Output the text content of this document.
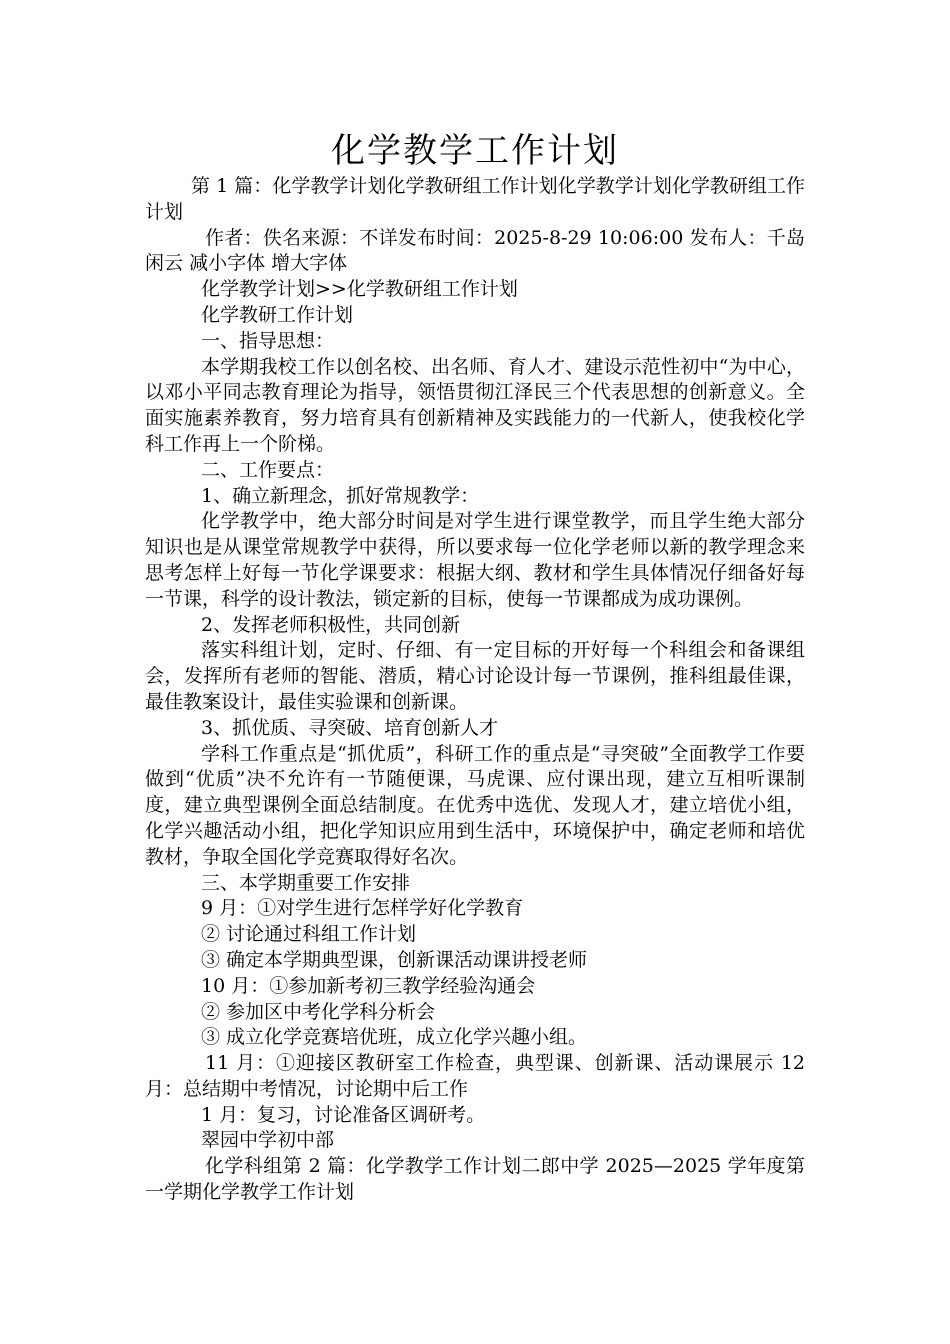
化学教学工作计划

第 1 篇：化学教学计划化学教研组工作计划化学教学计划化学教研组工作计划

作者：佚名来源：不详发布时间：2025-8-29 10:06:00 发布人：千岛闲云 减小字体 增大字体

化学教学计划>>化学教研组工作计划

化学教研工作计划

一、指导思想：

本学期我校工作以创名校、出名师、育人才、建设示范性初中“为中心，以邓小平同志教育理论为指导，领悟贯彻江泽民三个代表思想的创新意义。全面实施素养教育，努力培育具有创新精神及实践能力的一代新人，使我校化学科工作再上一个阶梯。

二、工作要点：

1、确立新理念，抓好常规教学：

化学教学中，绝大部分时间是对学生进行课堂教学，而且学生绝大部分知识也是从课堂常规教学中获得，所以要求每一位化学老师以新的教学理念来思考怎样上好每一节化学课要求：根据大纲、教材和学生具体情况仔细备好每一节课，科学的设计教法，锁定新的目标，使每一节课都成为成功课例。

2、发挥老师积极性，共同创新

落实科组计划，定时、仔细、有一定目标的开好每一个科组会和备课组会，发挥所有老师的智能、潜质，精心讨论设计每一节课例，推科组最佳课，最佳教案设计，最佳实验课和创新课。

3、抓优质、寻突破、培育创新人才

学科工作重点是“抓优质”，科研工作的重点是“寻突破”全面教学工作要做到“优质”决不允许有一节随便课，马虎课、应付课出现，建立互相听课制度，建立典型课例全面总结制度。在优秀中选优、发现人才，建立培优小组，化学兴趣活动小组，把化学知识应用到生活中，环境保护中，确定老师和培优教材，争取全国化学竞赛取得好名次。

三、本学期重要工作安排

9 月：①对学生进行怎样学好化学教育

② 讨论通过科组工作计划

③ 确定本学期典型课，创新课活动课讲授老师

10 月：①参加新考初三教学经验沟通会

② 参加区中考化学科分析会

③ 成立化学竞赛培优班，成立化学兴趣小组。

11 月：①迎接区教研室工作检查，典型课、创新课、活动课展示 12 月：总结期中考情况，讨论期中后工作

1 月：复习，讨论准备区调研考。

翠园中学初中部

化学科组第 2 篇：化学教学工作计划二郎中学 2025—2025 学年度第一学期化学教学工作计划
